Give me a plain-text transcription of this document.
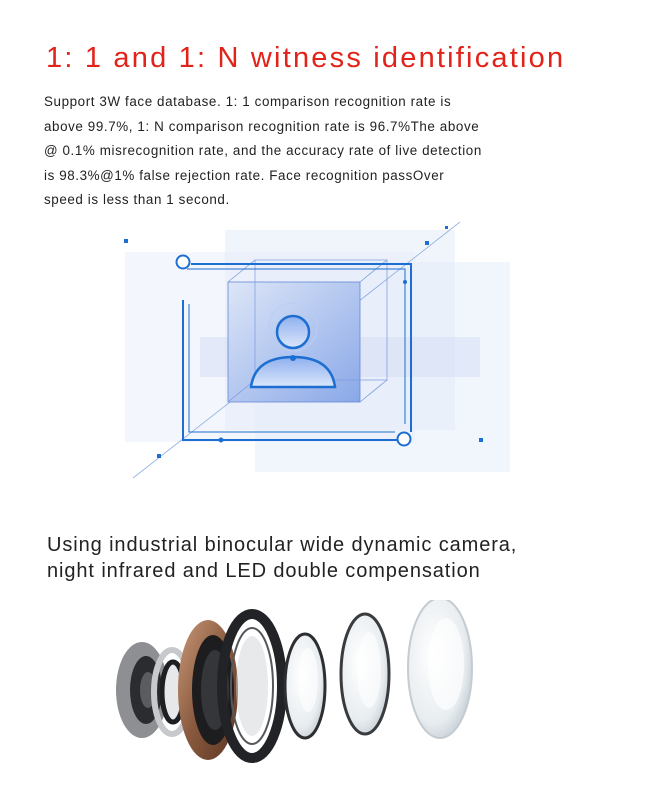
1: 1 and 1: N witness identification
Support 3W face database. 1: 1 comparison recognition rate is
above 99.7%, 1: N comparison recognition rate is 96.7%The above
@ 0.1% misrecognition rate, and the accuracy rate of live detection
is 98.3%@1% false rejection rate. Face recognition passOver
speed is less than 1 second.
Using industrial binocular wide dynamic camera,
night infrared and LED double compensation
